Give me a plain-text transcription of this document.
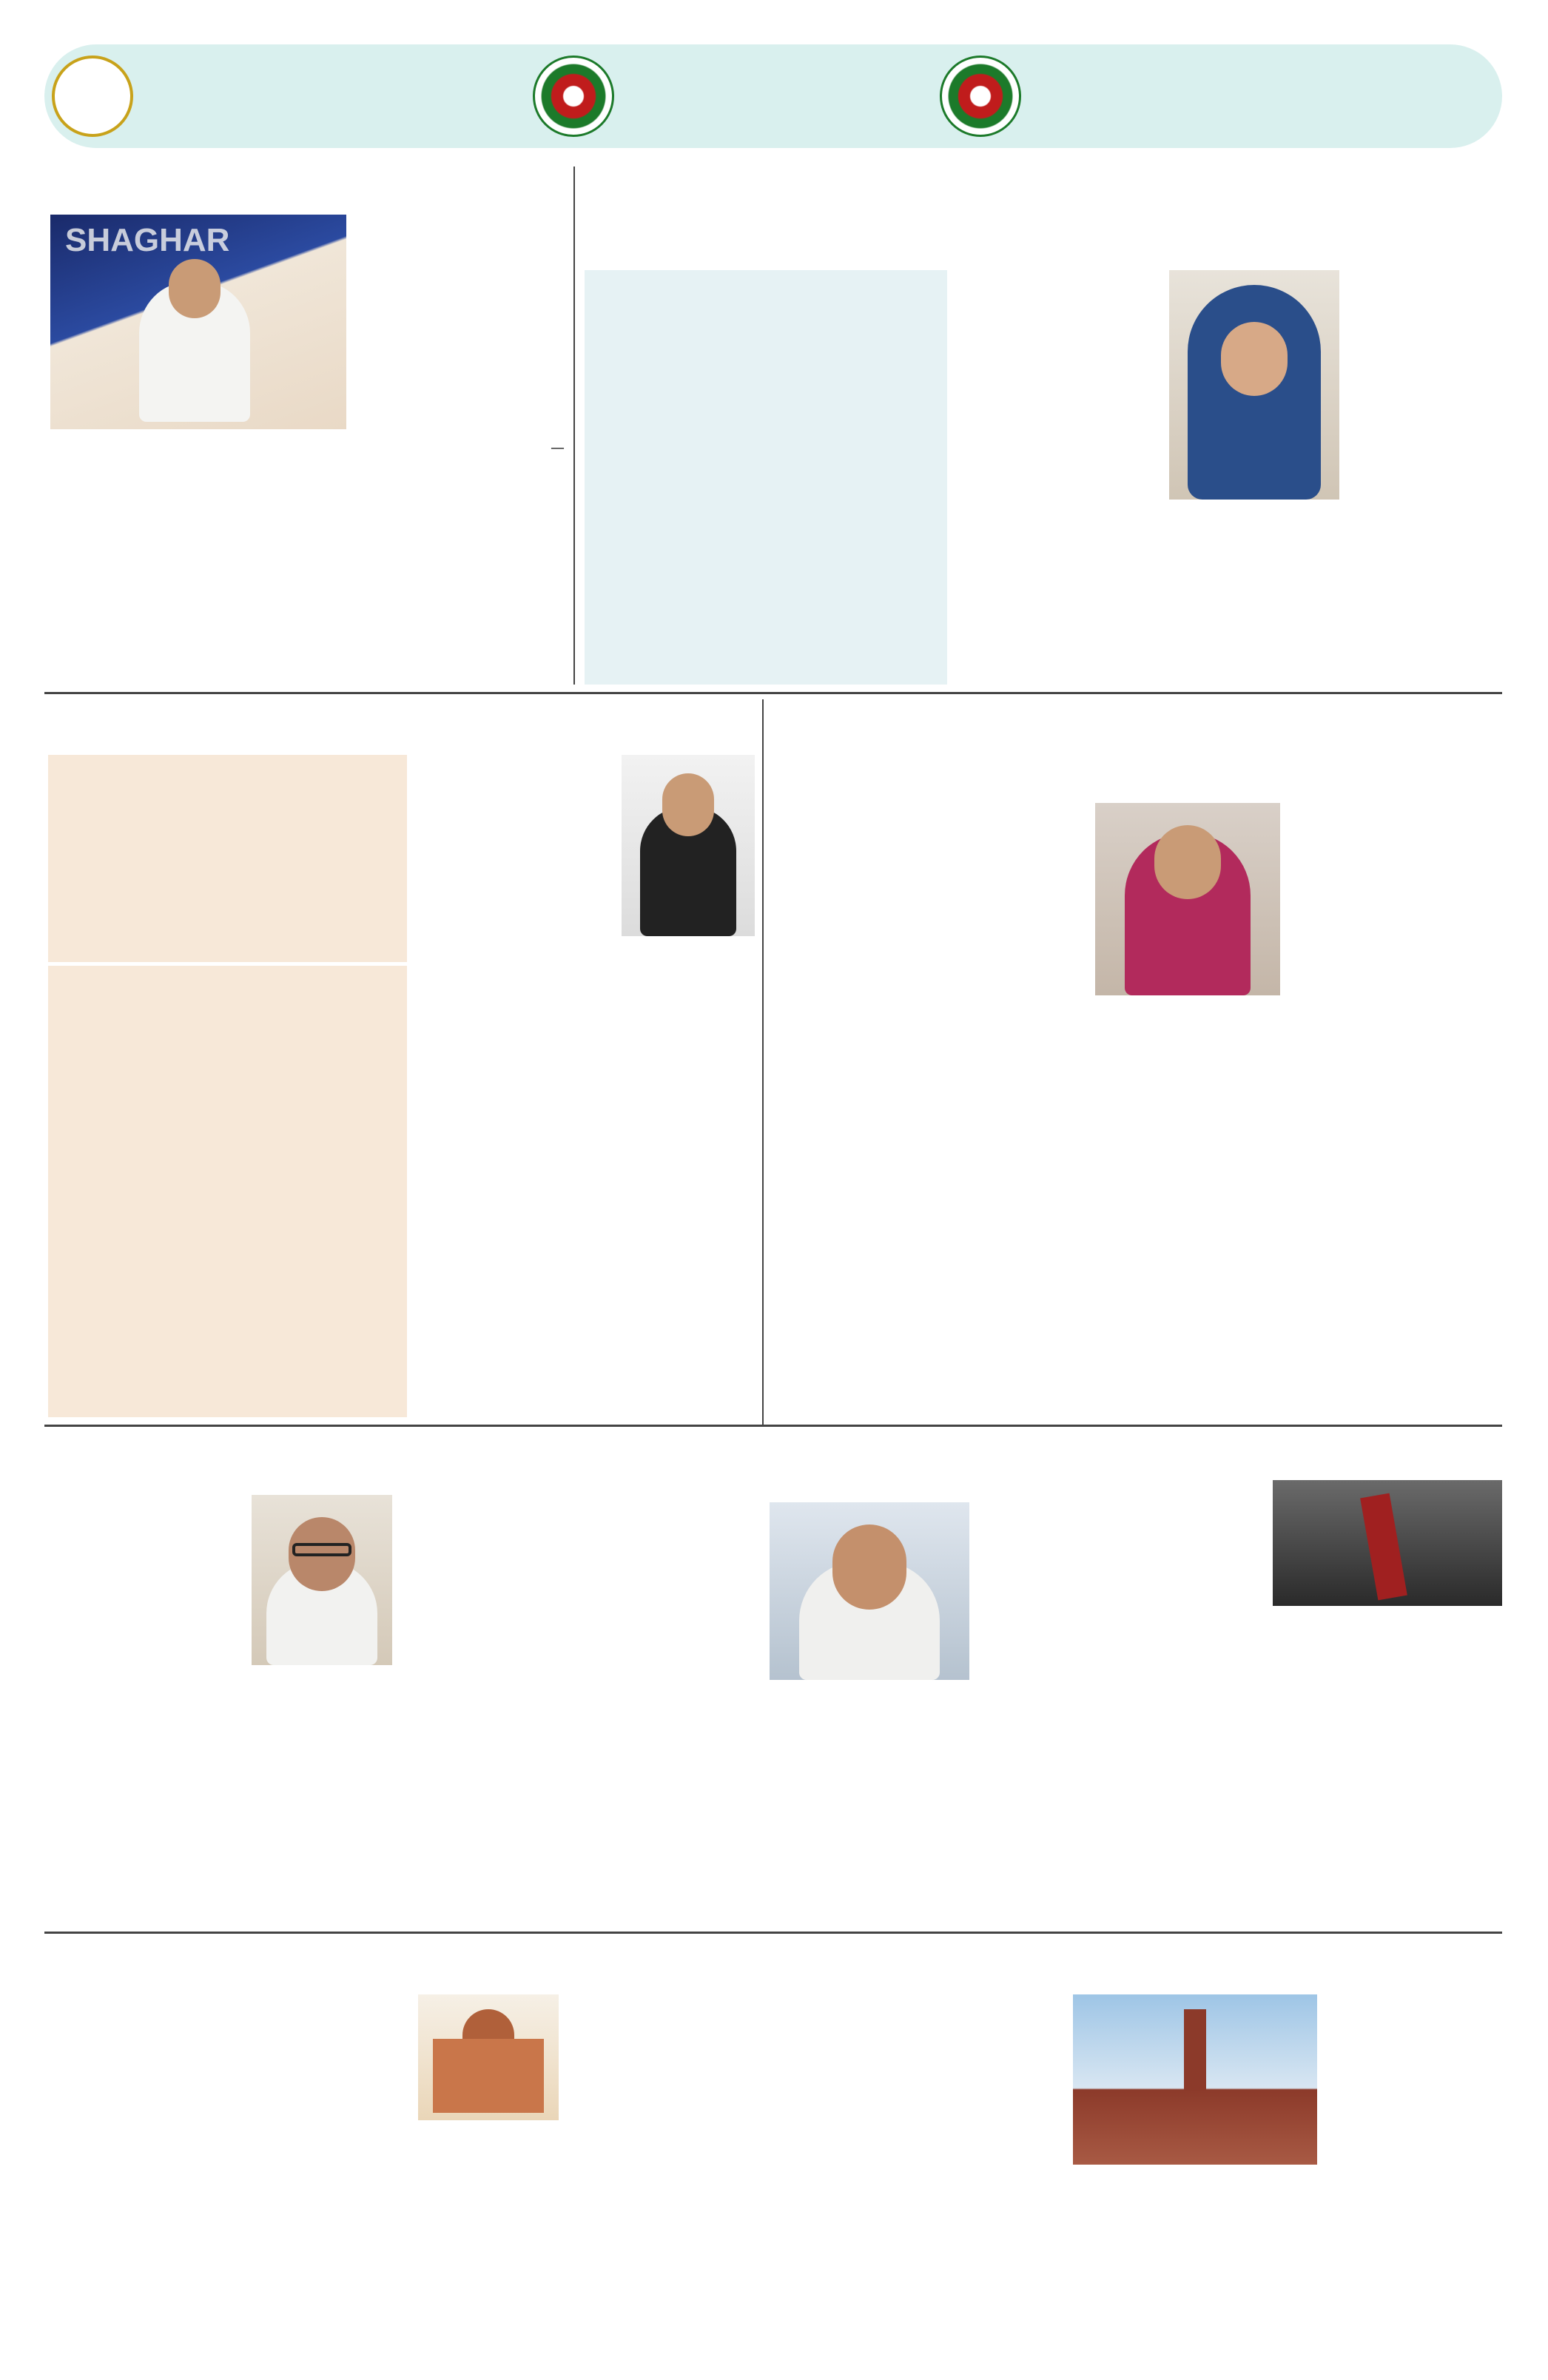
SHAGHAR
—
